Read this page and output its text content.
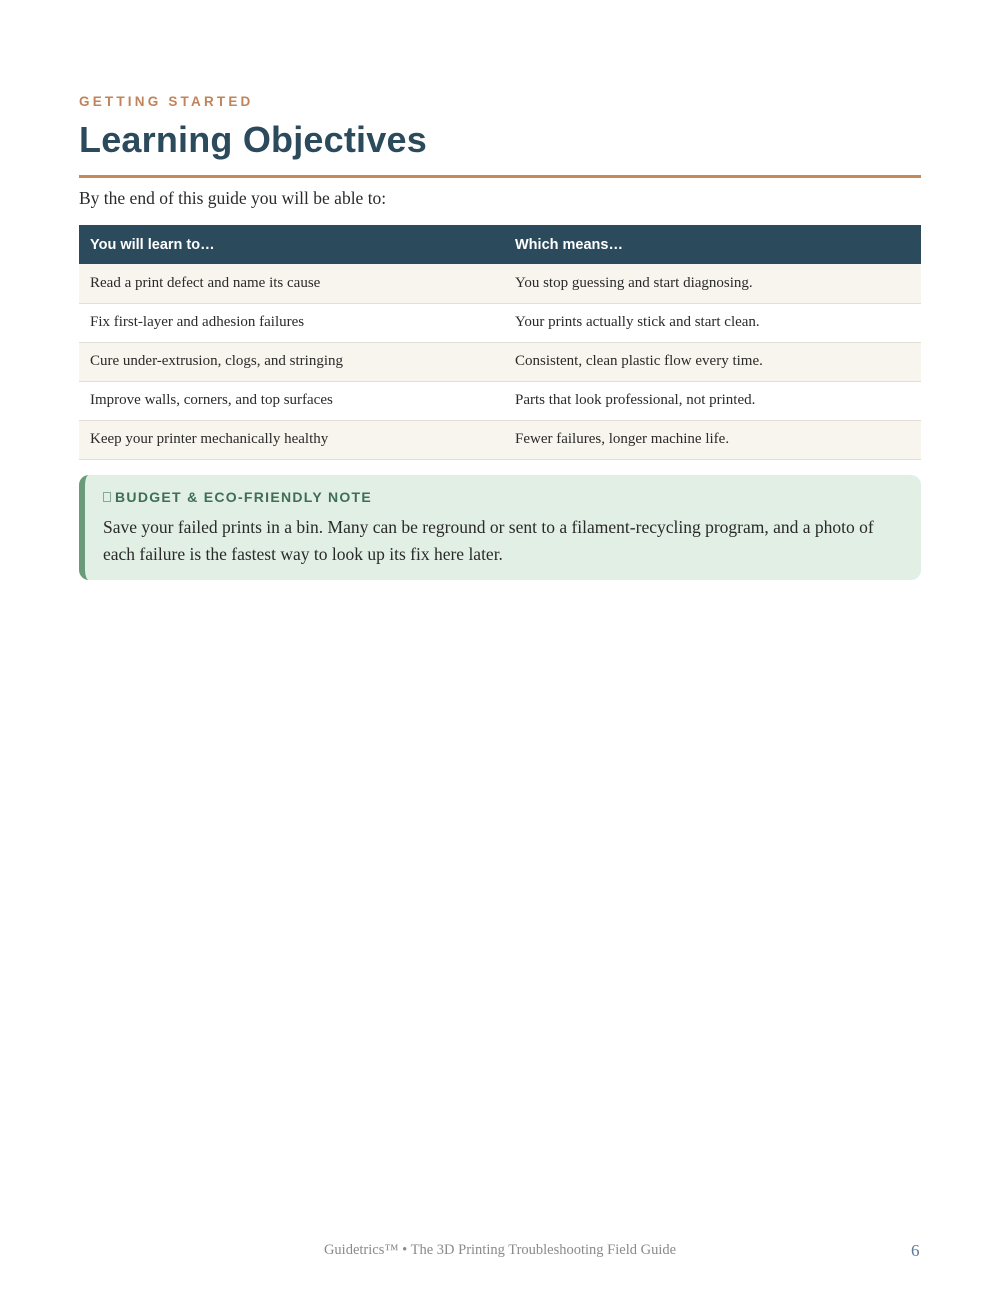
GETTING STARTED
Learning Objectives
By the end of this guide you will be able to:
You will learn to…	Which means…
Read a print defect and name its cause	You stop guessing and start diagnosing.
Fix first-layer and adhesion failures	Your prints actually stick and start clean.
Cure under-extrusion, clogs, and stringing	Consistent, clean plastic flow every time.
Improve walls, corners, and top surfaces	Parts that look professional, not printed.
Keep your printer mechanically healthy	Fewer failures, longer machine life.
BUDGET & ECO-FRIENDLY NOTE
Save your failed prints in a bin. Many can be reground or sent to a filament-recycling program, and a photo of each failure is the fastest way to look up its fix here later.
Guidetrics™ • The 3D Printing Troubleshooting Field Guide	6
